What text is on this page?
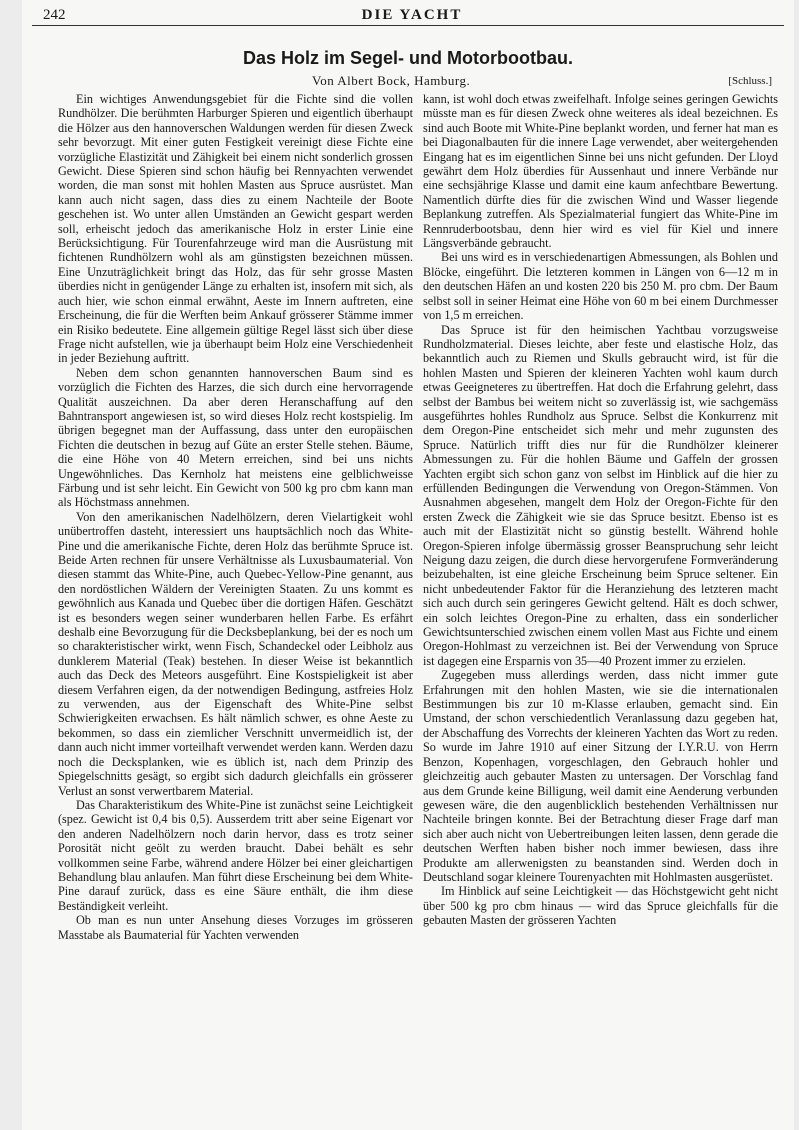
242	DIE YACHT
Das Holz im Segel- und Motorbootbau.
Von Albert Bock, Hamburg.	[Schluss.]

Ein wichtiges Anwendungsgebiet für die Fichte sind die vollen Rundhölzer. Die berühmten Harburger Spieren und eigentlich überhaupt die Hölzer aus den hannoverschen Waldungen werden für diesen Zweck sehr bevorzugt. Mit einer guten Festigkeit vereinigt diese Fichte eine vorzügliche Elastizität und Zähigkeit bei einem nicht sonderlich grossen Gewicht. Diese Spieren sind schon häufig bei Rennyachten verwendet worden, die man sonst mit hohlen Masten aus Spruce ausrüstet. Man kann auch nicht sagen, dass dies zu einem Nachteile der Boote geschehen ist. Wo unter allen Umständen an Gewicht gespart werden soll, erheischt jedoch das amerikanische Holz in erster Linie eine Berücksichtigung. Für Tourenfahrzeuge wird man die Ausrüstung mit fichtenen Rundhölzern wohl als am günstigsten bezeichnen müssen. Eine Unzuträglichkeit bringt das Holz, das für sehr grosse Masten überdies nicht in genügender Länge zu erhalten ist, insofern mit sich, als auch hier, wie schon einmal erwähnt, Aeste im Innern auftreten, eine Erscheinung, die für die Werften beim Ankauf grösserer Stämme immer ein Risiko bedeutete. Eine allgemein gültige Regel lässt sich über diese Frage nicht aufstellen, wie ja überhaupt beim Holz eine Verschiedenheit in jeder Beziehung auftritt.

Neben dem schon genannten hannoverschen Baum sind es vorzüglich die Fichten des Harzes, die sich durch eine hervorragende Qualität auszeichnen. Da aber deren Heranschaffung auf den Bahntransport angewiesen ist, so wird dieses Holz recht kostspielig. Im übrigen begegnet man der Auffassung, dass unter den europäischen Fichten die deutschen in bezug auf Güte an erster Stelle stehen. Bäume, die eine Höhe von 40 Metern erreichen, sind bei uns nichts Ungewöhnliches. Das Kernholz hat meistens eine gelblichweisse Färbung und ist sehr leicht. Ein Gewicht von 500 kg pro cbm kann man als Höchstmass annehmen.

Von den amerikanischen Nadelhölzern, deren Vielartigkeit wohl unübertroffen dasteht, interessiert uns hauptsächlich noch das White-Pine und die amerikanische Fichte, deren Holz das berühmte Spruce ist. Beide Arten rechnen für unsere Verhältnisse als Luxusbaumaterial. Von diesen stammt das White-Pine, auch Quebec-Yellow-Pine genannt, aus den nordöstlichen Wäldern der Vereinigten Staaten. Zu uns kommt es gewöhnlich aus Kanada und Quebec über die dortigen Häfen. Geschätzt ist es besonders wegen seiner wunderbaren hellen Farbe. Es erfährt deshalb eine Bevorzugung für die Decksbeplankung, bei der es noch um so charakteristischer wirkt, wenn Fisch, Schandeckel oder Leibholz aus dunklerem Material (Teak) bestehen. In dieser Weise ist bekanntlich auch das Deck des Meteors ausgeführt. Eine Kostspieligkeit ist aber diesem Verfahren eigen, da der notwendigen Bedingung, astfreies Holz zu verwenden, aus der Eigenschaft des White-Pine selbst Schwierigkeiten erwachsen. Es hält nämlich schwer, es ohne Aeste zu bekommen, so dass ein ziemlicher Verschnitt unvermeidlich ist, der dann auch nicht immer vorteilhaft verwendet werden kann. Werden dazu noch die Decksplanken, wie es üblich ist, nach dem Prinzip des Spiegelschnitts gesägt, so ergibt sich dadurch gleichfalls ein grösserer Verlust an sonst verwertbarem Material.

Das Charakteristikum des White-Pine ist zunächst seine Leichtigkeit (spez. Gewicht ist 0,4 bis 0,5). Ausserdem tritt aber seine Eigenart vor den anderen Nadelhölzern noch darin hervor, dass es trotz seiner Porosität nicht geölt zu werden braucht. Dabei behält es sehr vollkommen seine Farbe, während andere Hölzer bei einer gleichartigen Behandlung blau anlaufen. Man führt diese Erscheinung bei dem White-Pine darauf zurück, dass es eine Säure enthält, die ihm diese Beständigkeit verleiht.

Ob man es nun unter Ansehung dieses Vorzuges im grösseren Masstabe als Baumaterial für Yachten verwenden

kann, ist wohl doch etwas zweifelhaft. Infolge seines geringen Gewichts müsste man es für diesen Zweck ohne weiteres als ideal bezeichnen. Es sind auch Boote mit White-Pine beplankt worden, und ferner hat man es bei Diagonalbauten für die innere Lage verwendet, aber weitergehenden Eingang hat es im eigentlichen Sinne bei uns nicht gefunden. Der Lloyd gewährt dem Holz überdies für Aussenhaut und innere Verbände nur eine sechsjährige Klasse und damit eine kaum anfechtbare Bewertung. Namentlich dürfte dies für die zwischen Wind und Wasser liegende Beplankung zutreffen. Als Spezialmaterial fungiert das White-Pine im Rennruderbootsbau, denn hier wird es viel für Kiel und innere Längsverbände gebraucht.

Bei uns wird es in verschiedenartigen Abmessungen, als Bohlen und Blöcke, eingeführt. Die letzteren kommen in Längen von 6—12 m in den deutschen Häfen an und kosten 220 bis 250 M. pro cbm. Der Baum selbst soll in seiner Heimat eine Höhe von 60 m bei einem Durchmesser von 1,5 m erreichen.

Das Spruce ist für den heimischen Yachtbau vorzugsweise Rundholzmaterial. Dieses leichte, aber feste und elastische Holz, das bekanntlich auch zu Riemen und Skulls gebraucht wird, ist für die hohlen Masten und Spieren der kleineren Yachten wohl kaum durch etwas Geeigneteres zu übertreffen. Hat doch die Erfahrung gelehrt, dass selbst der Bambus bei weitem nicht so zuverlässig ist, wie sachgemäss ausgeführtes hohles Rundholz aus Spruce. Selbst die Konkurrenz mit dem Oregon-Pine entscheidet sich mehr und mehr zugunsten des Spruce. Natürlich trifft dies nur für die Rundhölzer kleinerer Abmessungen zu. Für die hohlen Bäume und Gaffeln der grossen Yachten ergibt sich schon ganz von selbst im Hinblick auf die hier zu erfüllenden Bedingungen die Verwendung von Oregon-Stämmen. Von Ausnahmen abgesehen, mangelt dem Holz der Oregon-Fichte für den ersten Zweck die Zähigkeit wie sie das Spruce besitzt. Ebenso ist es auch mit der Elastizität nicht so günstig bestellt. Während hohle Oregon-Spieren infolge übermässig grosser Beanspruchung sehr leicht Neigung dazu zeigen, die durch diese hervorgerufene Formveränderung beizubehalten, ist eine gleiche Erscheinung beim Spruce seltener. Ein nicht unbedeutender Faktor für die Heranziehung des letzteren macht sich auch durch sein geringeres Gewicht geltend. Hält es doch schwer, ein solch leichtes Oregon-Pine zu erhalten, dass ein sonderlicher Gewichtsunterschied zwischen einem vollen Mast aus Fichte und einem Oregon-Hohlmast zu verzeichnen ist. Bei der Verwendung von Spruce ist dagegen eine Ersparnis von 35—40 Prozent immer zu erzielen.

Zugegeben muss allerdings werden, dass nicht immer gute Erfahrungen mit den hohlen Masten, wie sie die internationalen Bestimmungen bis zur 10 m-Klasse erlauben, gemacht sind. Ein Umstand, der schon verschiedentlich Veranlassung dazu gegeben hat, der Abschaffung des Vorrechts der kleineren Yachten das Wort zu reden. So wurde im Jahre 1910 auf einer Sitzung der I.Y.R.U. von Herrn Benzon, Kopenhagen, vorgeschlagen, den Gebrauch hohler und gleichzeitig auch gebauter Masten zu untersagen. Der Vorschlag fand aus dem Grunde keine Billigung, weil damit eine Aenderung verbunden gewesen wäre, die den augenblicklich bestehenden Verhältnissen nur Nachteile bringen konnte. Bei der Betrachtung dieser Frage darf man sich aber auch nicht von Uebertreibungen leiten lassen, denn gerade die deutschen Werften haben bisher noch immer bewiesen, dass ihre Produkte am allerwenigsten zu beanstanden sind. Werden doch in Deutschland sogar kleinere Tourenyachten mit Hohlmasten ausgerüstet.

Im Hinblick auf seine Leichtigkeit — das Höchstgewicht geht nicht über 500 kg pro cbm hinaus — wird das Spruce gleichfalls für die gebauten Masten der grösseren Yachten
